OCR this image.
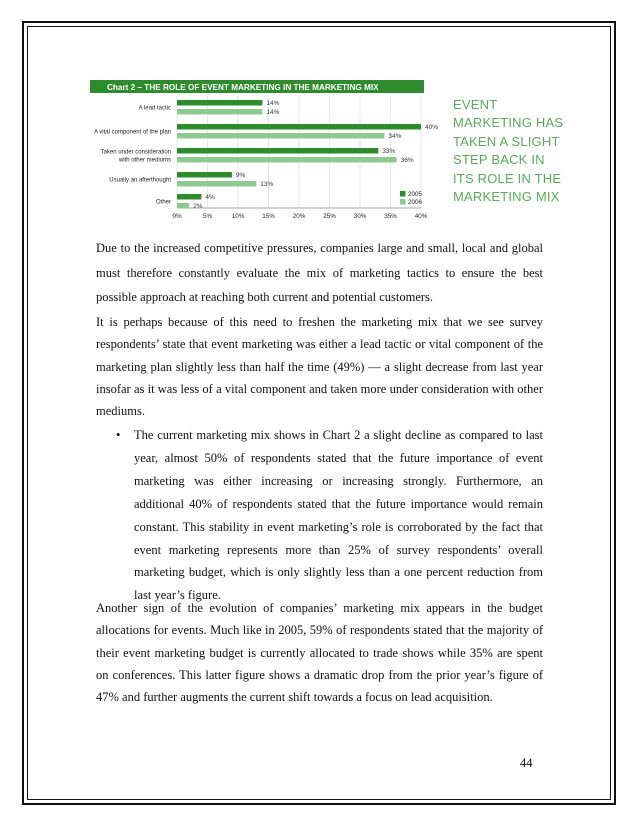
Chart 2 – THE ROLE OF EVENT MARKETING IN THE MARKETING MIX
14%
14%
40%
34%
33%
36%
9%
13%
4%
2%
A lead tactic
A vital component of the plan
Taken under consideration
with other mediums
Usually an afterthought
Other
0%	5%	10%	15%	20%	25%	30%	35%	40%
2005
2006
EVENT
MARKETING HAS
TAKEN A SLIGHT
STEP BACK IN
ITS ROLE IN THE
MARKETING MIX

Due to the increased competitive pressures, companies large and small, local and global must therefore constantly evaluate the mix of marketing tactics to ensure the best possible approach at reaching both current and potential customers.

It is perhaps because of this need to freshen the marketing mix that we see survey respondents’ state that event marketing was either a lead tactic or vital component of the marketing plan slightly less than half the time (49%) — a slight decrease from last year insofar as it was less of a vital component and taken more under consideration with other mediums.

• The current marketing mix shows in Chart 2 a slight decline as compared to last year, almost 50% of respondents stated that the future importance of event marketing was either increasing or increasing strongly. Furthermore, an additional 40% of respondents stated that the future importance would remain constant. This stability in event marketing’s role is corroborated by the fact that event marketing represents more than 25% of survey respondents’ overall marketing budget, which is only slightly less than a one percent reduction from last year’s figure.

Another sign of the evolution of companies’ marketing mix appears in the budget allocations for events. Much like in 2005, 59% of respondents stated that the majority of their event marketing budget is currently allocated to trade shows while 35% are spent on conferences. This latter figure shows a dramatic drop from the prior year’s figure of 47% and further augments the current shift towards a focus on lead acquisition.

44
